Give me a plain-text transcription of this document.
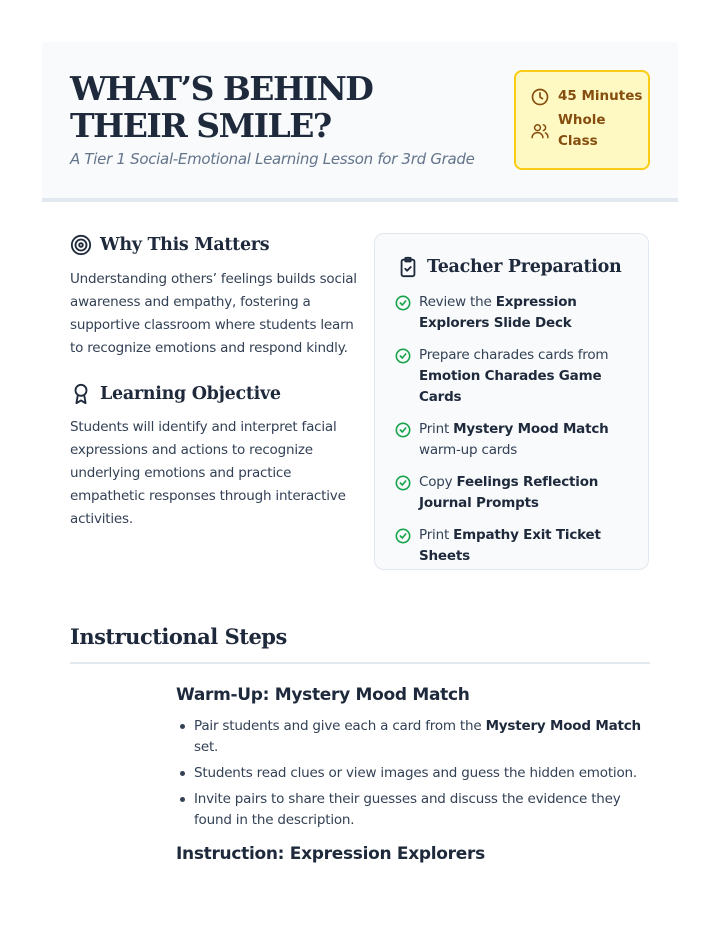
WHAT’S BEHIND THEIR SMILE?

A Tier 1 Social-Emotional Learning Lesson for 3rd Grade

45 Minutes
Whole Class
Why This Matters

Understanding others’ feelings builds social awareness and empathy, fostering a supportive classroom where students learn to recognize emotions and respond kindly.

Learning Objective

Students will identify and interpret facial expressions and actions to recognize underlying emotions and practice empathetic responses through interactive activities.

Teacher Preparation
Review the Expression Explorers Slide Deck
Prepare charades cards from Emotion Charades Game Cards
Print Mystery Mood Match warm-up cards
Copy Feelings Reflection Journal Prompts
Print Empathy Exit Ticket Sheets
Instructional Steps
Warm-Up: Mystery Mood Match
Pair students and give each a card from the Mystery Mood Match set.
Students read clues or view images and guess the hidden emotion.
Invite pairs to share their guesses and discuss the evidence they found in the description.
Instruction: Expression Explorers
